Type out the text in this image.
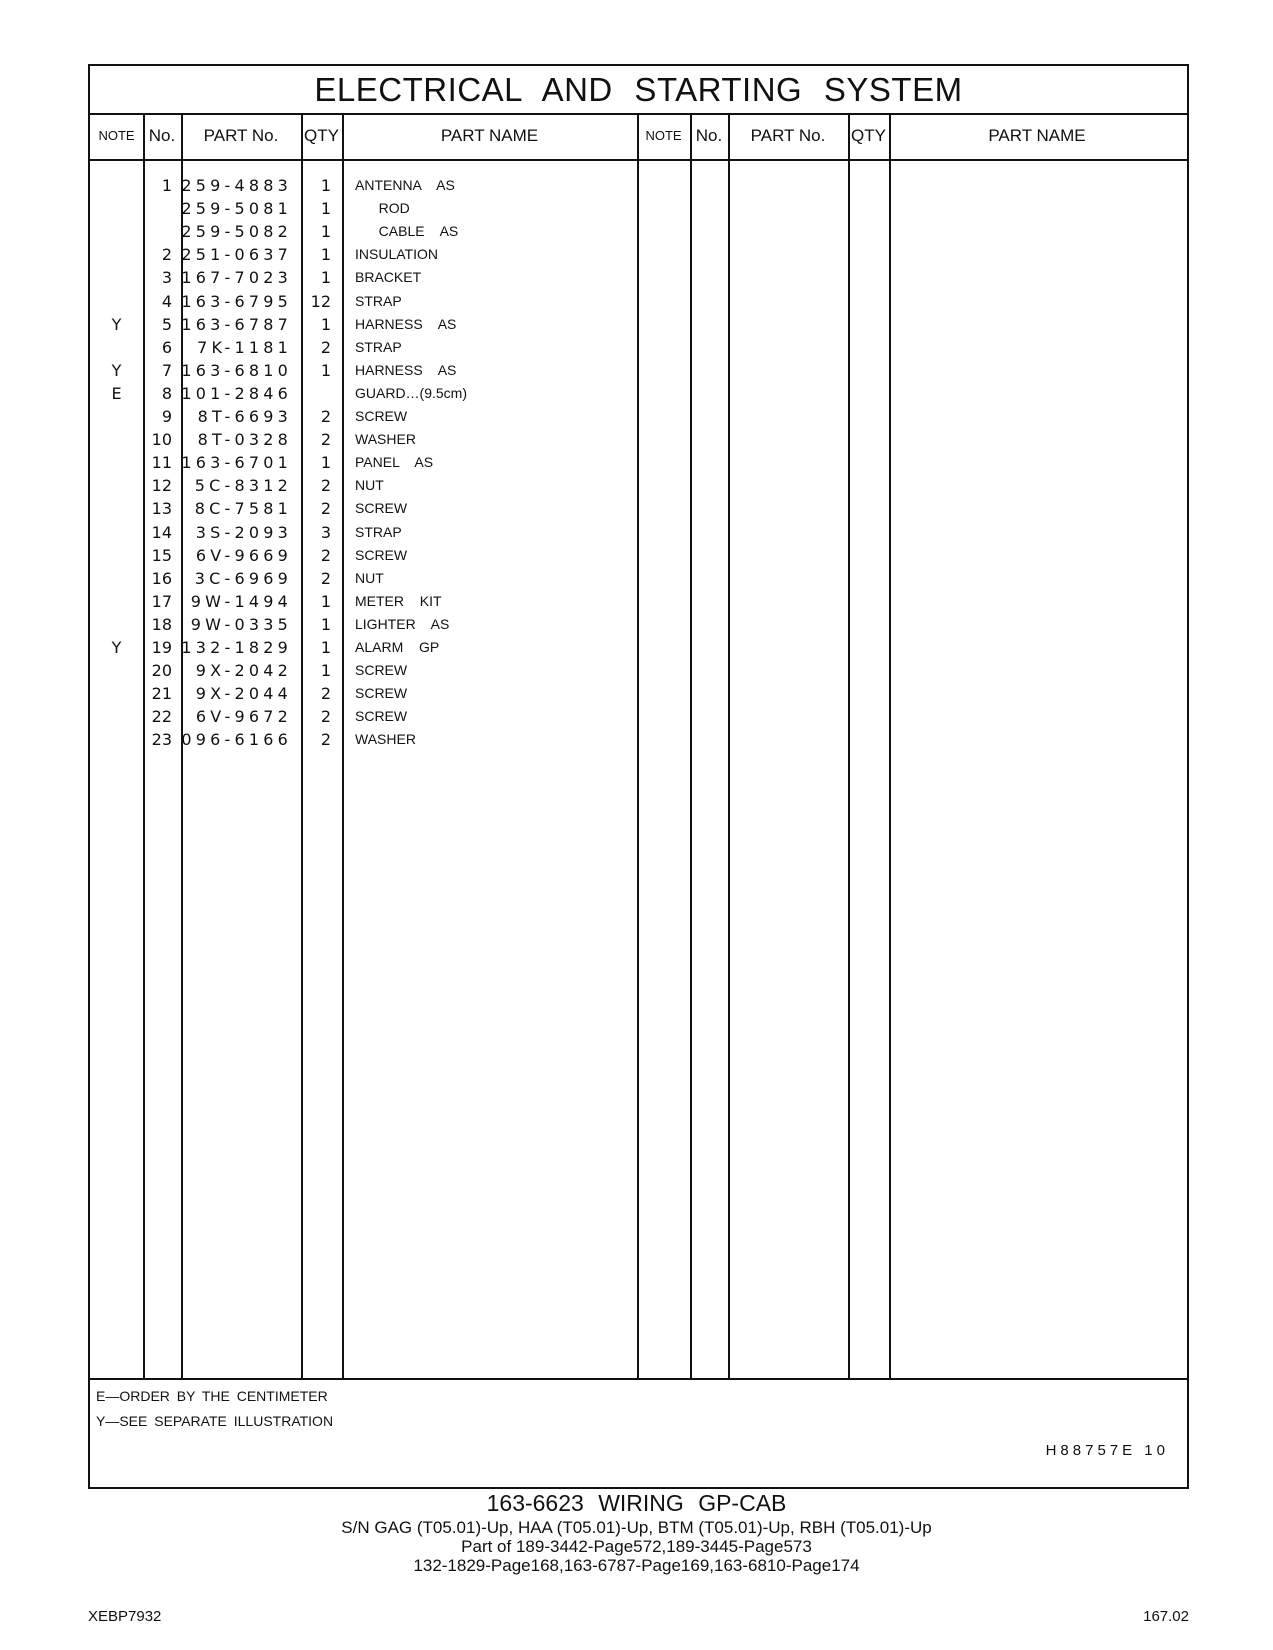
ELECTRICAL AND STARTING SYSTEM
NOTE No.	PART No.	QTY	PART NAME	NOTE No.	PART No.	QTY	PART NAME
1 259-4883	1 ANTENNA  AS
259-5081	1 ROD
259-5082	1 CABLE  AS
2 251-0637	1 INSULATION
3 167-7023	1 BRACKET
4 163-6795	12 STRAP
Y	5 163-6787	1 HARNESS  AS
6	7K-1181	2 STRAP
Y	7 163-6810	1 HARNESS  AS
E	8 101-2846	GUARD…(9.5cm)
9	8T-6693	2 SCREW
10	8T-0328	2 WASHER
11 163-6701	1 PANEL  AS
12	5C-8312	2 NUT
13	8C-7581	2 SCREW
14	3S-2093	3 STRAP
15	6V-9669	2 SCREW
16	3C-6969	2 NUT
17	9W-1494	1 METER  KIT
18	9W-0335	1 LIGHTER  AS
Y	19 132-1829	1 ALARM  GP
20	9X-2042	1 SCREW
21	9X-2044	2 SCREW
22	6V-9672	2 SCREW
23 096-6166	2 WASHER
E—ORDER BY THE CENTIMETER
Y—SEE SEPARATE ILLUSTRATION
H88757E 10
163-6623 WIRING GP-CAB
S/N GAG (T05.01)-Up, HAA (T05.01)-Up, BTM (T05.01)-Up, RBH (T05.01)-Up
Part of 189-3442-Page572,189-3445-Page573
132-1829-Page168,163-6787-Page169,163-6810-Page174
XEBP7932	167.02
